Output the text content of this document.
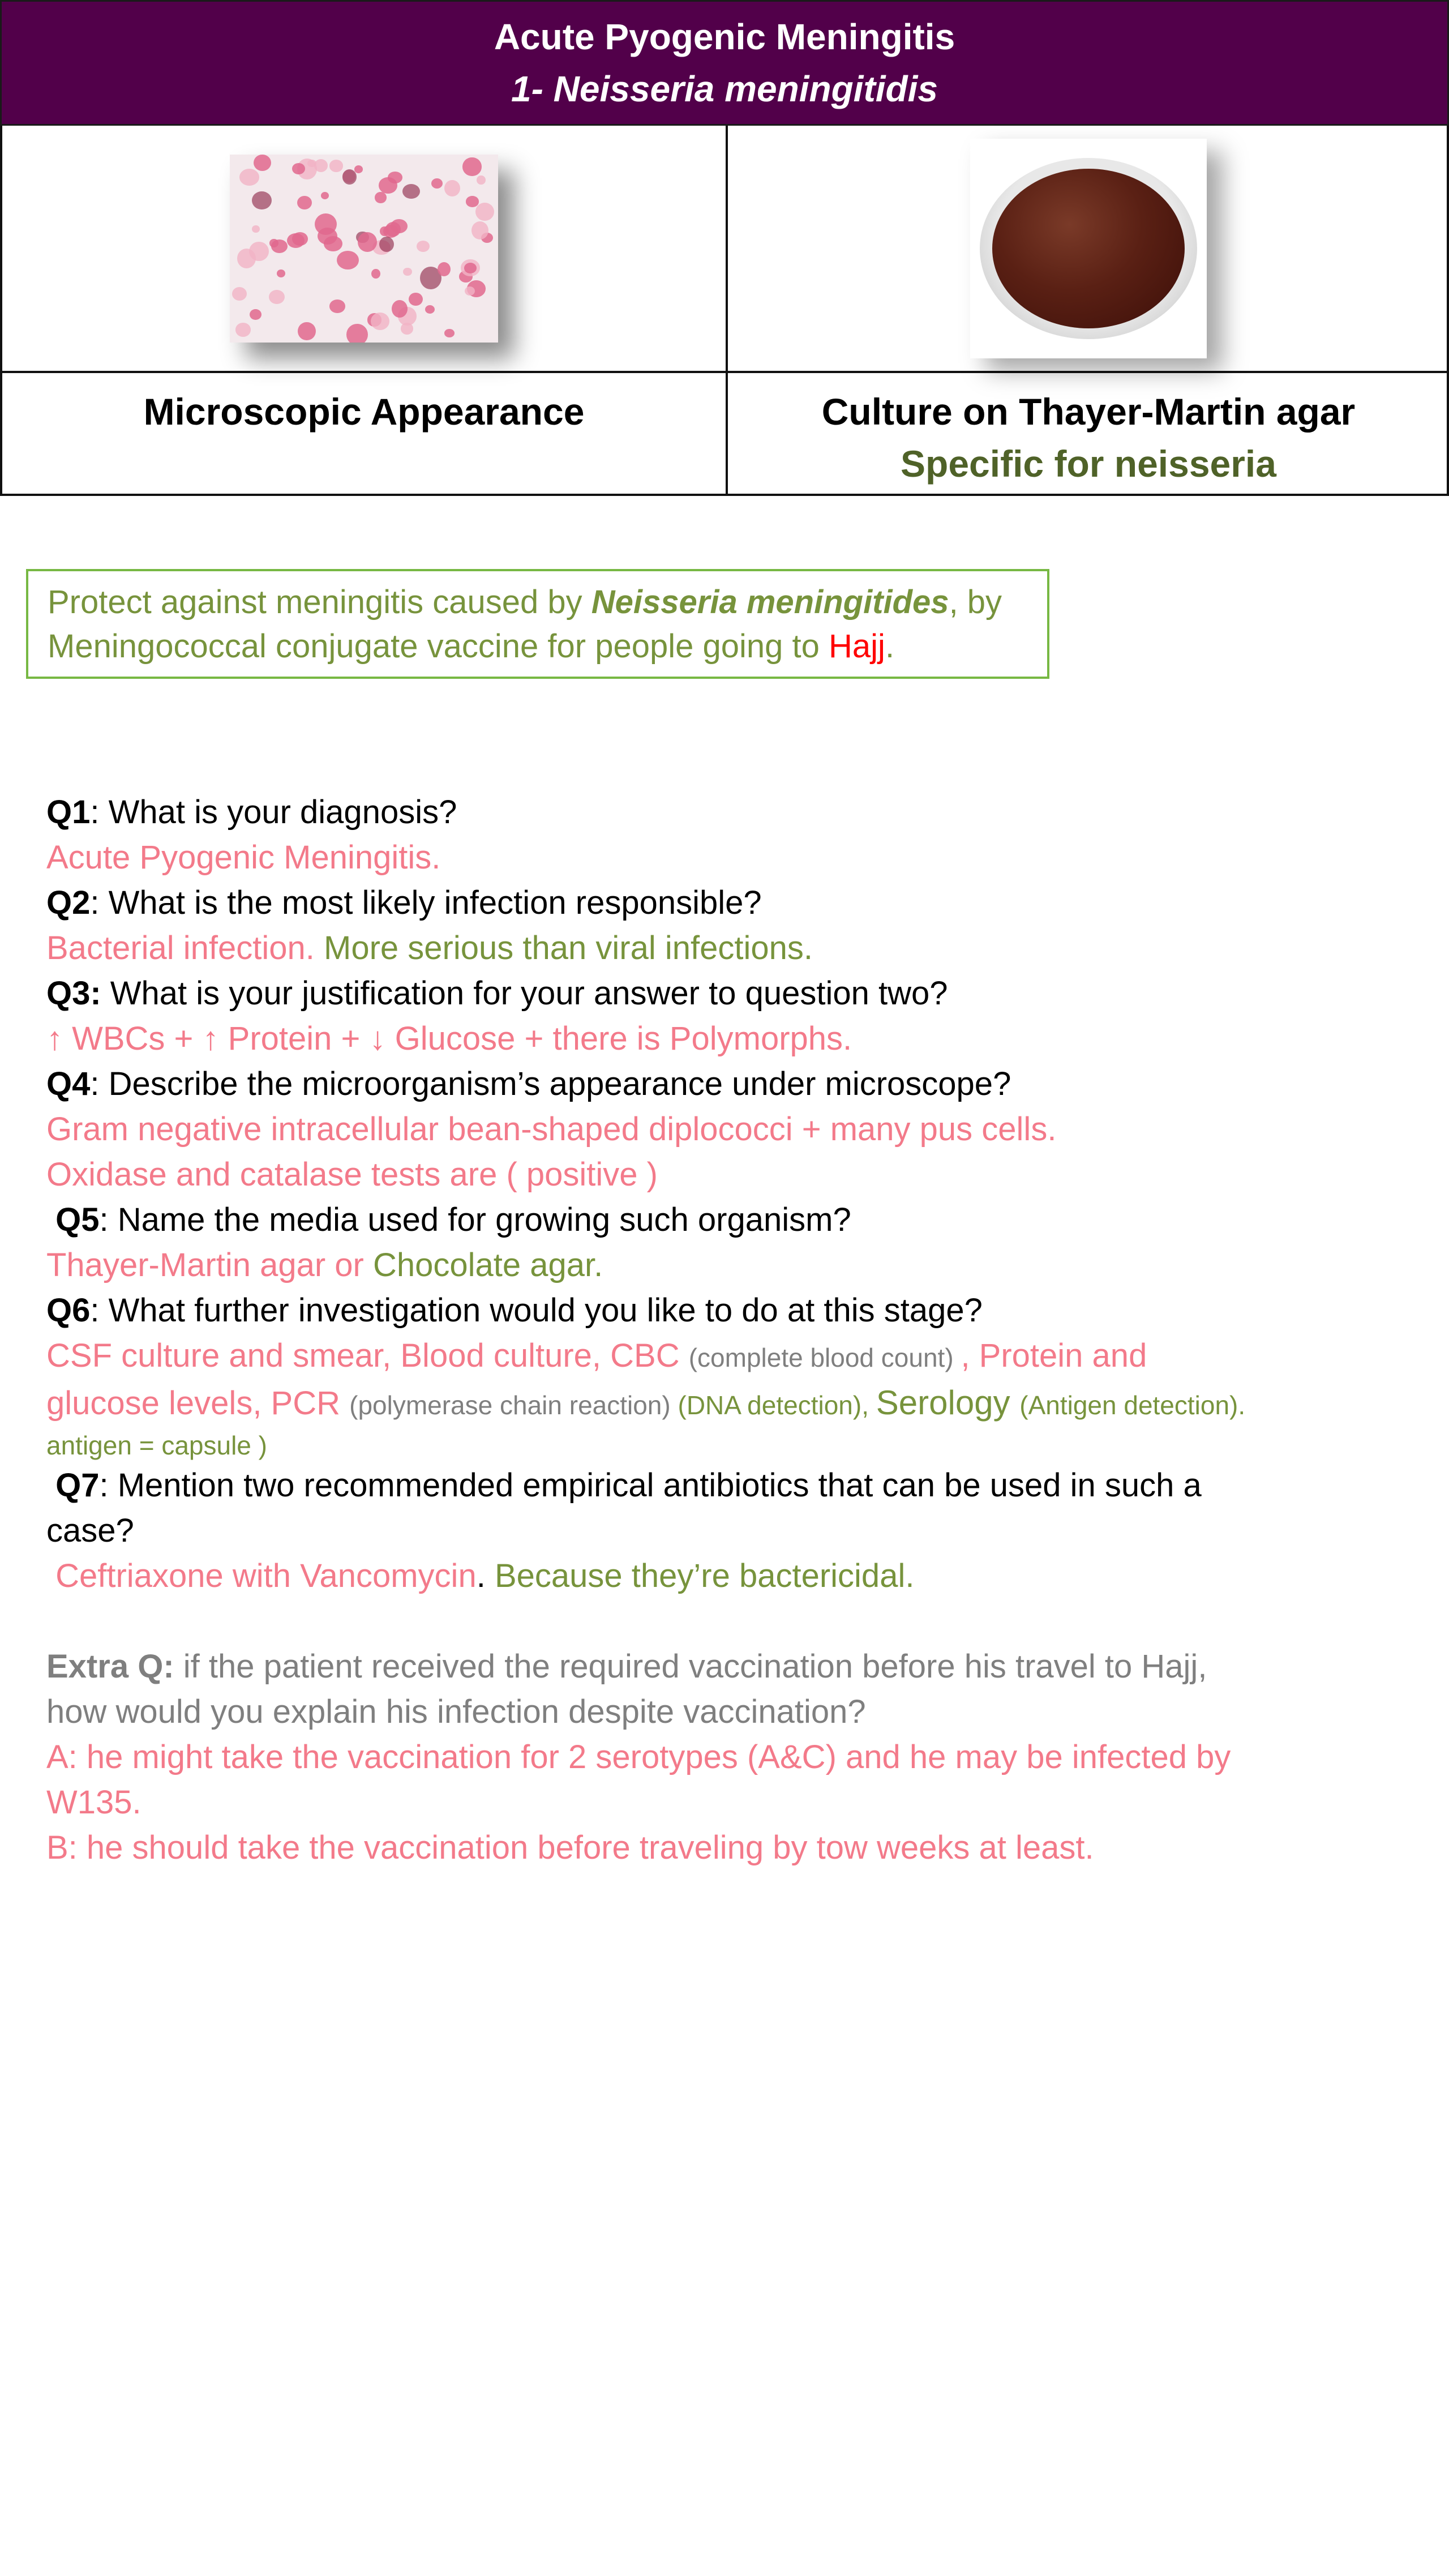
Acute Pyogenic Meningitis
1- Neisseria meningitidis
Microscopic Appearance	Culture on Thayer-Martin agar
Specific for neisseria
Protect against meningitis caused by Neisseria meningitides, by
Meningococcal conjugate vaccine for people going to Hajj.
Q1: What is your diagnosis?
Acute Pyogenic Meningitis.
Q2: What is the most likely infection responsible?
Bacterial infection. More serious than viral infections.
Q3: What is your justification for your answer to question two?
↑ WBCs + ↑ Protein + ↓ Glucose + there is Polymorphs.
Q4: Describe the microorganism’s appearance under microscope?
Gram negative intracellular bean-shaped diplococci + many pus cells.
Oxidase and catalase tests are ( positive )
Q5: Name the media used for growing such organism?
Thayer-Martin agar or Chocolate agar.
Q6: What further investigation would you like to do at this stage?
CSF culture and smear, Blood culture, CBC (complete blood count) , Protein and
glucose levels, PCR (polymerase chain reaction) (DNA detection), Serology (Antigen detection).
antigen = capsule )
Q7: Mention two recommended empirical antibiotics that can be used in such a
case?
Ceftriaxone with Vancomycin. Because they’re bactericidal.
Extra Q: if the patient received the required vaccination before his travel to Hajj,
how would you explain his infection despite vaccination?
A: he might take the vaccination for 2 serotypes (A&C) and he may be infected by
W135.
B: he should take the vaccination before traveling by tow weeks at least.
